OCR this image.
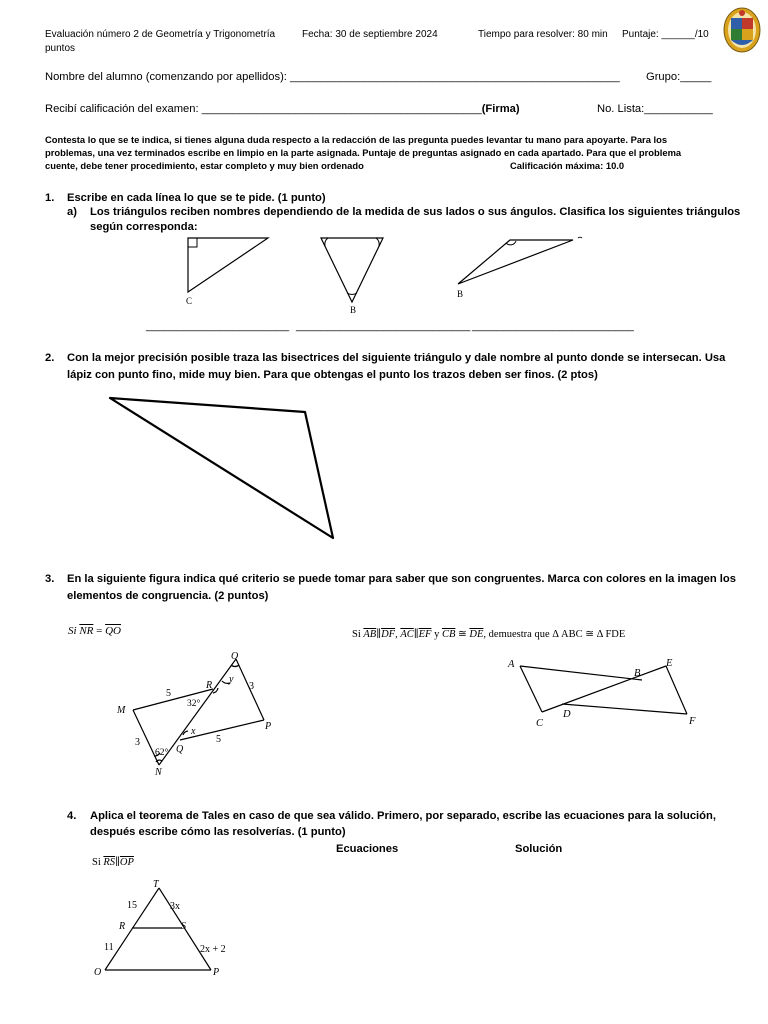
Evaluación número 2 de Geometría y Trigonometría	Fecha: 30 de septiembre 2024	Tiempo para resolver: 80 min Puntaje: ______/10
puntos
Nombre del alumno (comenzando por apellidos): _____________________________________________________ Grupo:_____
Recibí calificación del examen: _____________________________________________(Firma)	No. Lista:___________
Contesta lo que se te indica, si tienes alguna duda respecto a la redacción de las pregunta puedes levantar tu mano para apoyarte. Para los
problemas, una vez terminados escribe en limpio en la parte asignada. Puntaje de preguntas asignado en cada apartado. Para que el problema
cuente, debe tener procedimiento, estar completo y muy bien ordenado	Calificación máxima: 10.0
1. Escribe en cada línea lo que se te pide. (1 punto)
a) Los triángulos reciben nombres dependiendo de la medida de sus lados o sus ángulos. Clasifica los siguientes triángulos
según corresponda:
C
B
B
_______________________ ____________________________ __________________________
2. Con la mejor precisión posible traza las bisectrices del siguiente triángulo y dale nombre al punto donde se intersecan. Usa
lápiz con punto fino, mide muy bien. Para que obtengas el punto los trazos deben ser finos. (2 ptos)
3. En la siguiente figura indica qué criterio se puede tomar para saber que son congruentes. Marca con colores en la imagen los
elementos de congruencia. (2 puntos)
Si $\overline{NR} = \overline{QO}$	Si $\overline{AB}\parallel\overline{DF}$, $\overline{AC}\parallel\overline{EF}$ y $\overline{CB}$ ≅ $\overline{DE}$, demuestra que Δ ABC ≅ Δ FDE
O
R
y
3
5
M
32°
x	P
3	5
62° Q
N
A	E
B
D
C	F
4. Aplica el teorema de Tales en caso de que sea válido. Primero, por separado, escribe las ecuaciones para la solución,
después escribe cómo las resolverías. (1 punto)
Ecuaciones	Solución
Si $\overline{RS}\parallel\overline{OP}$
T
15	3x
R	S
11	2x + 2
O	P
